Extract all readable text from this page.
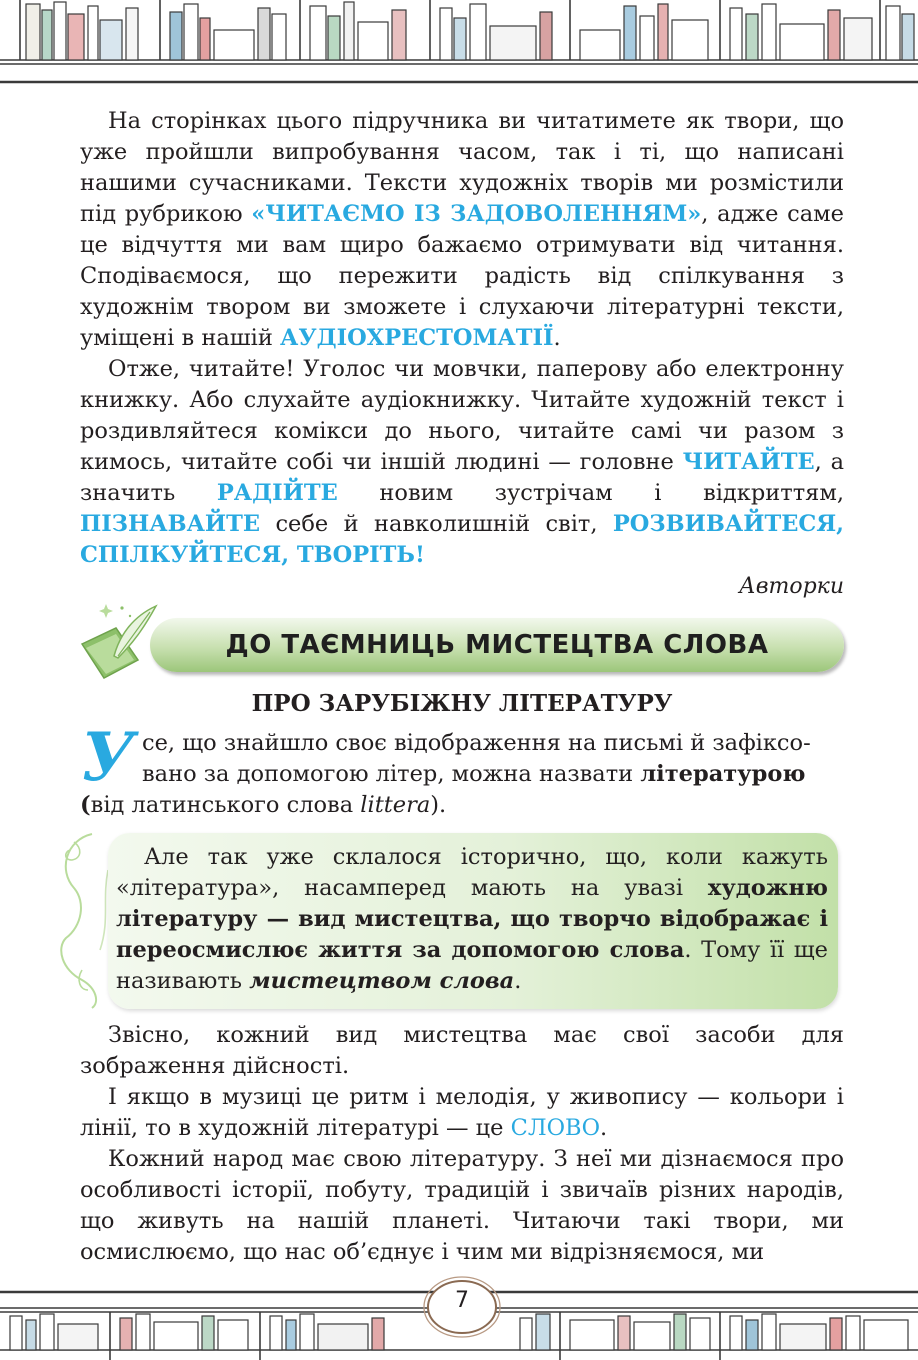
На сторінках цього підручника ви читатимете як твори, що уже пройшли випробування часом, так і ті, що написані нашими сучасниками. Тексти художніх творів ми розмістили під рубрикою «ЧИТАЄМО ІЗ ЗАДОВОЛЕННЯМ», адже саме це відчуття ми вам щиро бажаємо отримувати від читання. Сподіваємося, що пережити радість від спілкування з художнім твором ви зможете і слухаючи літературні тексти, уміщені в нашій АУДІОХРЕСТОМАТІЇ.

Отже, читайте! Уголос чи мовчки, паперову або електронну книжку. Або слухайте аудіокнижку. Читайте художній текст і роздивляйтеся комікси до нього, читайте самі чи разом з кимось, читайте собі чи іншій людині — головне ЧИТАЙТЕ, а значить РАДІЙТЕ новим зустрічам і відкриттям, ПІЗНАВАЙТЕ себе й навколишній світ, РОЗВИВАЙТЕСЯ, СПІЛКУЙТЕСЯ, ТВОРІТЬ!

Авторки
ДО ТАЄМНИЦЬ МИСТЕЦТВА СЛОВА
ПРО ЗАРУБІЖНУ ЛІТЕРАТУРУ
У се, що знайшло своє відображення на письмі й зафіксо-
вано за допомогою літер, можна назвати літературою
(від латинського слова littera).

Але так уже склалося історично, що, коли кажуть «література», насамперед мають на увазі художню літературу — вид мистецтва, що творчо відображає і переосмислює життя за допомогою слова. Тому її ще називають мистецтвом слова.

Звісно, кожний вид мистецтва має свої засоби для зображення дійсності.

І якщо в музиці це ритм і мелодія, у живопису — кольори і лінії, то в художній літературі — це СЛОВО.

Кожний народ має свою літературу. З неї ми дізнаємося про особливості історії, побуту, традицій і звичаїв різних народів, що живуть на нашій планеті. Читаючи такі твори, ми осмислюємо, що нас об’єднує і чим ми відрізняємося, ми

7
